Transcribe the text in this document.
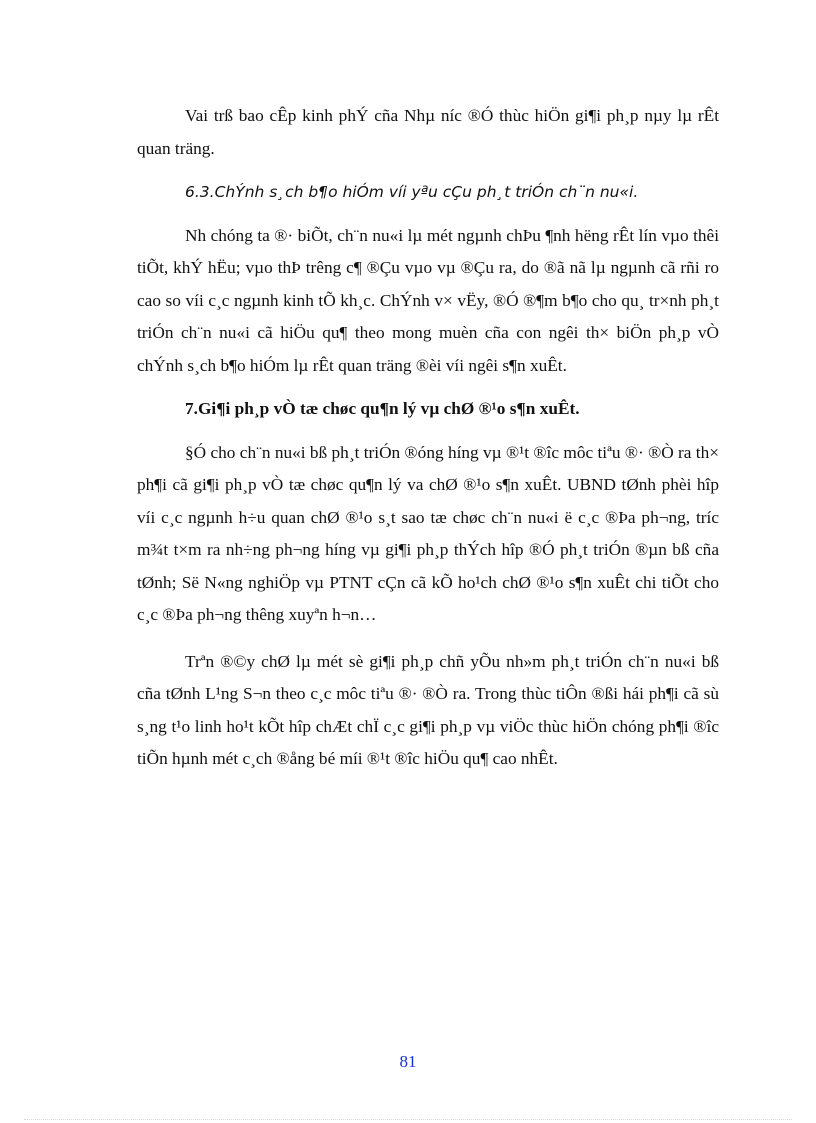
Vai trß bao cÊp kinh phÝ cña Nhµ níc ®Ó thùc hiÖn gi¶i ph¸p nµy lµ rÊt quan träng.

6.3.ChÝnh s¸ch b¶o hiÓm víi yªu cÇu ph¸t triÓn ch¨n nu«i.

Nh chóng ta ®· biÕt, ch¨n nu«i lµ mét ngµnh chÞu ¶nh hëng rÊt lín vµo thêi tiÕt, khÝ hËu; vµo thÞ trêng c¶ ®Çu vµo vµ ®Çu ra, do ®ã nã lµ ngµnh cã rñi ro cao so víi c¸c ngµnh kinh tÕ kh¸c. ChÝnh v× vËy, ®Ó ®¶m b¶o cho qu¸ tr×nh ph¸t triÓn ch¨n nu«i cã hiÖu qu¶ theo mong muèn cña con ngêi th× biÖn ph¸p vÒ chÝnh s¸ch b¶o hiÓm lµ rÊt quan träng ®èi víi ngêi s¶n xuÊt.

7.Gi¶i ph¸p vÒ tæ chøc qu¶n lý vµ chØ ®¹o s¶n xuÊt.

§Ó cho ch¨n nu«i bß ph¸t triÓn ®óng híng vµ ®¹t ®îc môc tiªu ®· ®Ò ra th× ph¶i cã gi¶i ph¸p vÒ tæ chøc qu¶n lý va chØ ®¹o s¶n xuÊt. UBND tØnh phèi hîp víi c¸c ngµnh h÷u quan chØ ®¹o s¸t sao tæ chøc ch¨n nu«i ë c¸c ®Þa ph¬ng, tríc m¾t t×m ra nh÷ng ph¬ng híng vµ gi¶i ph¸p thÝch hîp ®Ó ph¸t triÓn ®µn bß cña tØnh; Së N«ng nghiÖp vµ PTNT cÇn cã kÕ ho¹ch chØ ®¹o s¶n xuÊt chi tiÕt cho c¸c ®Þa ph¬ng thêng xuyªn h¬n…

Trªn ®©y chØ lµ mét sè gi¶i ph¸p chñ yÕu nh»m ph¸t triÓn ch¨n nu«i bß cña tØnh L¹ng S¬n theo c¸c môc tiªu ®· ®Ò ra. Trong thùc tiÔn ®ßi hái ph¶i cã sù s¸ng t¹o linh ho¹t kÕt hîp chÆt chÏ c¸c gi¶i ph¸p vµ viÖc thùc hiÖn chóng ph¶i ®îc tiÕn hµnh mét c¸ch ®ång bé míi ®¹t ®îc hiÖu qu¶ cao nhÊt.

81
